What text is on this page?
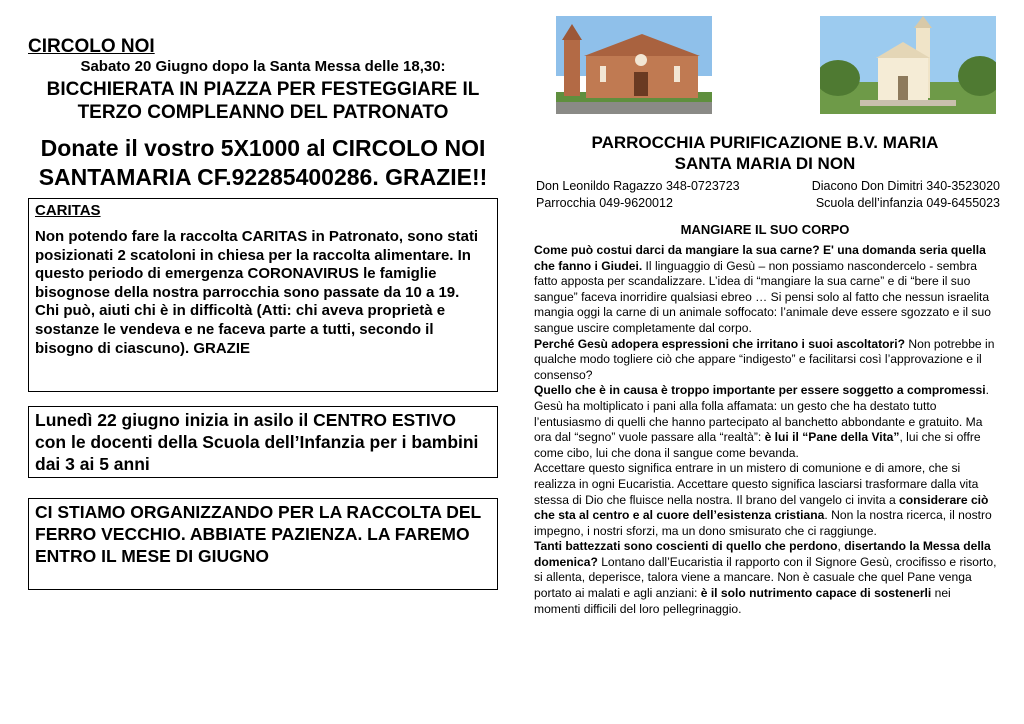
CIRCOLO NOI

Sabato 20 Giugno dopo la Santa Messa delle 18,30:

BICCHIERATA IN PIAZZA PER FESTEGGIARE IL TERZO COMPLEANNO DEL PATRONATO

Donate il vostro 5X1000 al CIRCOLO NOI SANTAMARIA CF.92285400286. GRAZIE!!

CARITAS

Non potendo fare la raccolta CARITAS in Patronato, sono stati posizionati 2 scatoloni in chiesa per la raccolta alimentare. In questo periodo di emergenza CORONAVIRUS le famiglie bisognose della nostra parrocchia sono passate da 10 a 19.
Chi può, aiuti chi è in difficoltà (Atti: chi aveva proprietà e sostanze le vendeva e ne faceva parte a tutti, secondo il bisogno di ciascuno). GRAZIE

Lunedì 22 giugno inizia in asilo il CENTRO ESTIVO con le docenti della Scuola dell’Infanzia per i bambini dai 3 ai 5 anni
CI STIAMO ORGANIZZANDO PER LA RACCOLTA DEL FERRO VECCHIO. ABBIATE PAZIENZA. LA FAREMO ENTRO IL MESE DI GIUGNO

PARROCCHIA PURIFICAZIONE B.V. MARIA
SANTA MARIA DI NON

Don Leonildo Ragazzo 348-0723723	Diacono Don Dimitri 340-3523020
Parrocchia 049-9620012	Scuola dell’infanzia 049-6455023

MANGIARE IL SUO CORPO

Come può costui darci da mangiare la sua carne? E' una domanda seria quella che fanno i Giudei. Il linguaggio di Gesù – non possiamo nascondercelo - sembra fatto apposta per scandalizzare. L’idea di “mangiare la sua carne” e di “bere il suo sangue” faceva inorridire qualsiasi ebreo … Si pensi solo al fatto che nessun israelita mangia oggi la carne di un animale soffocato: l’animale deve essere sgozzato e il suo sangue uscire completamente dal corpo.
Perché Gesù adopera espressioni che irritano i suoi ascoltatori? Non potrebbe in qualche modo togliere ciò che appare “indigesto” e facilitarsi così l’approvazione e il consenso?
Quello che è in causa è troppo importante per essere soggetto a compromessi. Gesù ha moltiplicato i pani alla folla affamata: un gesto che ha destato tutto l’entusiasmo di quelli che hanno partecipato al banchetto abbondante e gratuito. Ma ora dal “segno” vuole passare alla “realtà”: è lui il “Pane della Vita”, lui che si offre come cibo, lui che dona il sangue come bevanda.
Accettare questo significa entrare in un mistero di comunione e di amore, che si realizza in ogni Eucaristia. Accettare questo significa lasciarsi trasformare dalla vita stessa di Dio che fluisce nella nostra. Il brano del vangelo ci invita a considerare ciò che sta al centro e al cuore dell’esistenza cristiana. Non la nostra ricerca, il nostro impegno, i nostri sforzi, ma un dono smisurato che ci raggiunge.
Tanti battezzati sono coscienti di quello che perdono, disertando la Messa della domenica? Lontano dall’Eucaristia il rapporto con il Signore Gesù, crocifisso e risorto, si allenta, deperisce, talora viene a mancare. Non è casuale che quel Pane venga portato ai malati e agli anziani: è il solo nutrimento capace di sostenerli nei momenti difficili del loro pellegrinaggio.
